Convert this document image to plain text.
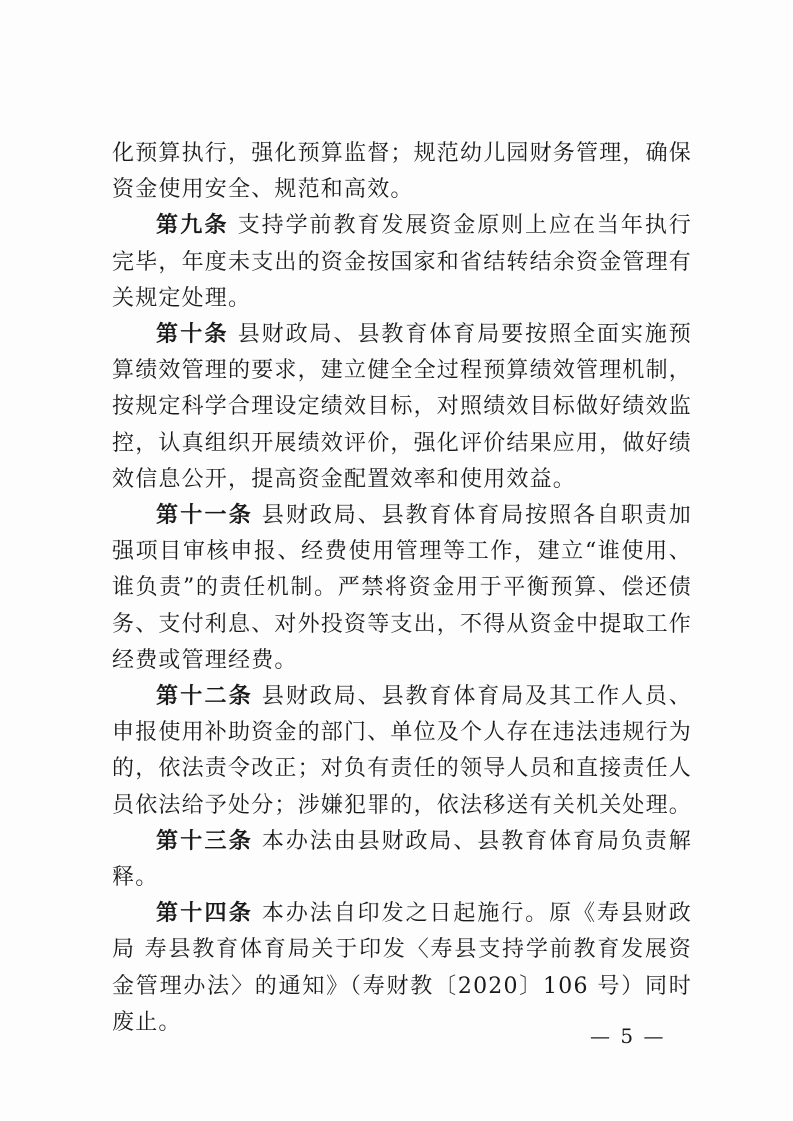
化预算执行，强化预算监督；规范幼儿园财务管理，确保资金使用安全、规范和高效。

第九条 支持学前教育发展资金原则上应在当年执行完毕，年度未支出的资金按国家和省结转结余资金管理有关规定处理。

第十条 县财政局、县教育体育局要按照全面实施预算绩效管理的要求，建立健全全过程预算绩效管理机制，按规定科学合理设定绩效目标，对照绩效目标做好绩效监控，认真组织开展绩效评价，强化评价结果应用，做好绩效信息公开，提高资金配置效率和使用效益。

第十一条 县财政局、县教育体育局按照各自职责加强项目审核申报、经费使用管理等工作，建立“谁使用、谁负责”的责任机制。严禁将资金用于平衡预算、偿还债务、支付利息、对外投资等支出，不得从资金中提取工作经费或管理经费。

第十二条 县财政局、县教育体育局及其工作人员、申报使用补助资金的部门、单位及个人存在违法违规行为的，依法责令改正；对负有责任的领导人员和直接责任人员依法给予处分；涉嫌犯罪的，依法移送有关机关处理。

第十三条 本办法由县财政局、县教育体育局负责解释。

第十四条 本办法自印发之日起施行。原《寿县财政局 寿县教育体育局关于印发〈寿县支持学前教育发展资金管理办法〉的通知》（寿财教〔2020〕106 号）同时废止。

— 5 —
